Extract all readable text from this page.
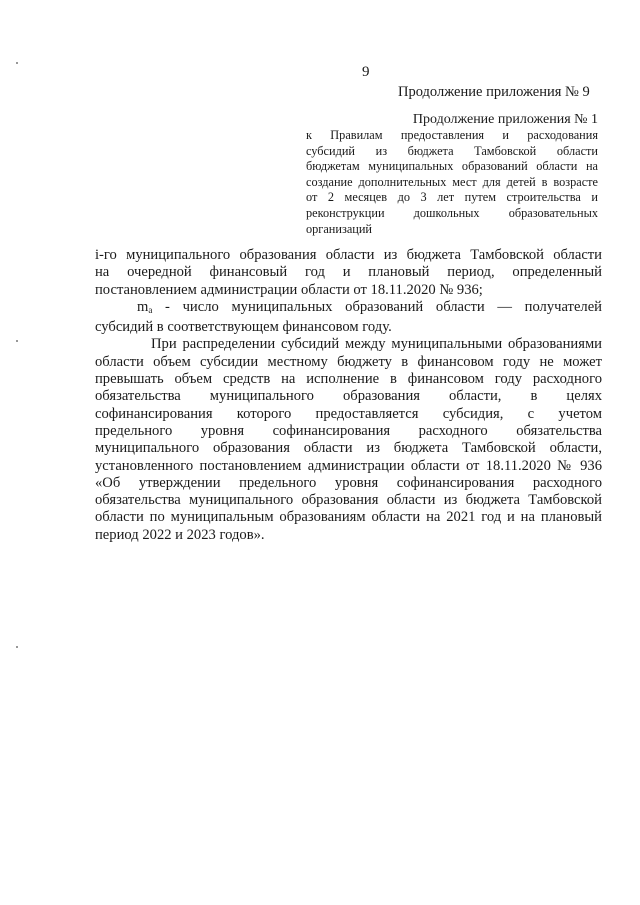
9
Продолжение приложения № 9
Продолжение приложения № 1
к Правилам предоставления и расходования
субсидий из бюджета Тамбовской области
бюджетам муниципальных образований области на
создание дополнительных мест для детей в возрасте
от 2 месяцев до 3 лет путем строительства и
реконструкции дошкольных образовательных
организаций
i-го муниципального образования области из бюджета Тамбовской области
на очередной финансовый год и плановый период, определенный
постановлением администрации области от 18.11.2020 № 936;
$m_a$ - число муниципальных образований области — получателей
субсидий в соответствующем финансовом году.
При распределении субсидий между муниципальными образованиями
области объем субсидии местному бюджету в финансовом году не может
превышать объем средств на исполнение в финансовом году расходного
обязательства муниципального образования области, в целях
софинансирования которого предоставляется субсидия, с учетом
предельного уровня софинансирования расходного обязательства
муниципального образования области из бюджета Тамбовской области,
установленного постановлением администрации области от 18.11.2020 № 936
«Об утверждении предельного уровня софинансирования расходного
обязательства муниципального образования области из бюджета Тамбовской
области по муниципальным образованиям области на 2021 год и на плановый
период 2022 и 2023 годов».
